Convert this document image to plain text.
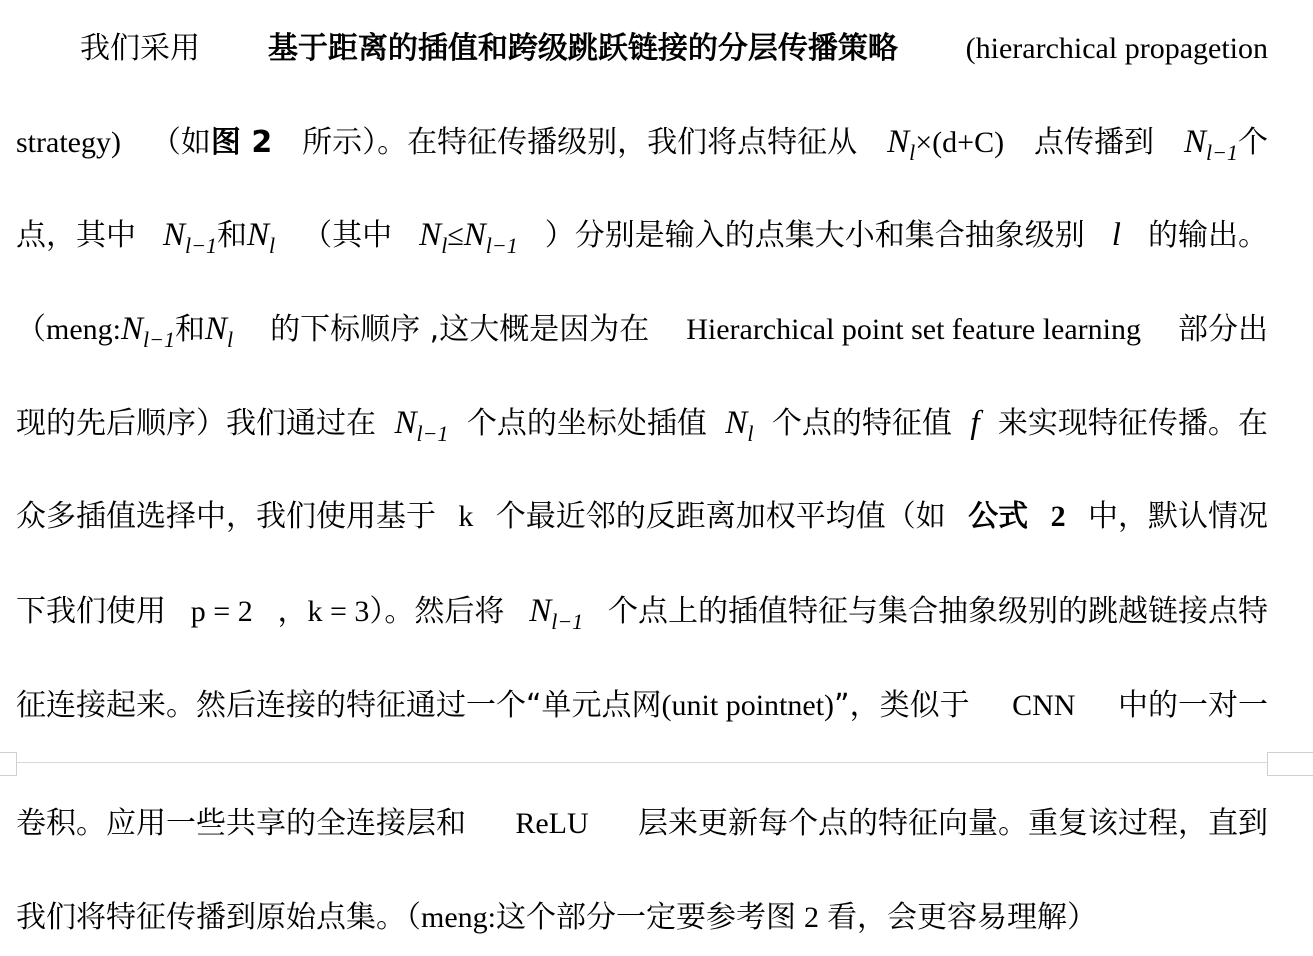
我们采用 基于距离的插值和跨级跳跃链接的分层传播策略 (hierarchical propagetion
strategy) （如图 2 所示）。在特征传播级别，我们将点特征从 $N_l\times(d+C)$ 点传播到 $N_{l-1}$个
点，其中 $N_{l-1}$和$N_l$ （其中 $N_l\le N_{l-1}$ ）分别是输入的点集大小和集合抽象级别 l 的输出。
（$meng:N_{l-1}$和$N_l$ 的下标顺序 ,这大概是因为在 Hierarchical point set feature learning 部分出
现的先后顺序）我们通过在 $N_{l-1}$ 个点的坐标处插值 $N_l$ 个点的特征值 f 来实现特征传播。在
众多插值选择中，我们使用基于 k 个最近邻的反距离加权平均值（如 公式 2 中，默认情况
下我们使用 p = 2 ，k = 3）。然后将 $N_{l-1}$ 个点上的插值特征与集合抽象级别的跳越链接点特
征连接起来。然后连接的特征通过一个“单元点网(unit pointnet)”，类似于 CNN 中的一对一
卷积。应用一些共享的全连接层和 ReLU 层来更新每个点的特征向量。重复该过程，直到
我们将特征传播到原始点集。（ meng: 这个部分一定要参考图 2 看，会更容易理解）
